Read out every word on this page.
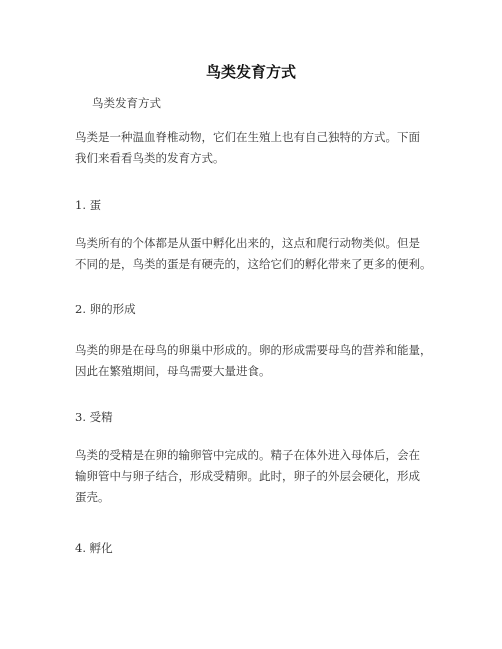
鸟类发育方式
鸟类发育方式
鸟类是一种温血脊椎动物，它们在生殖上也有自己独特的方式。下面
我们来看看鸟类的发育方式。
1. 蛋
鸟类所有的个体都是从蛋中孵化出来的，这点和爬行动物类似。但是
不同的是，鸟类的蛋是有硬壳的，这给它们的孵化带来了更多的便利。
2. 卵的形成
鸟类的卵是在母鸟的卵巢中形成的。卵的形成需要母鸟的营养和能量，
因此在繁殖期间，母鸟需要大量进食。
3. 受精
鸟类的受精是在卵的输卵管中完成的。精子在体外进入母体后，会在
输卵管中与卵子结合，形成受精卵。此时，卵子的外层会硬化，形成
蛋壳。
4. 孵化
